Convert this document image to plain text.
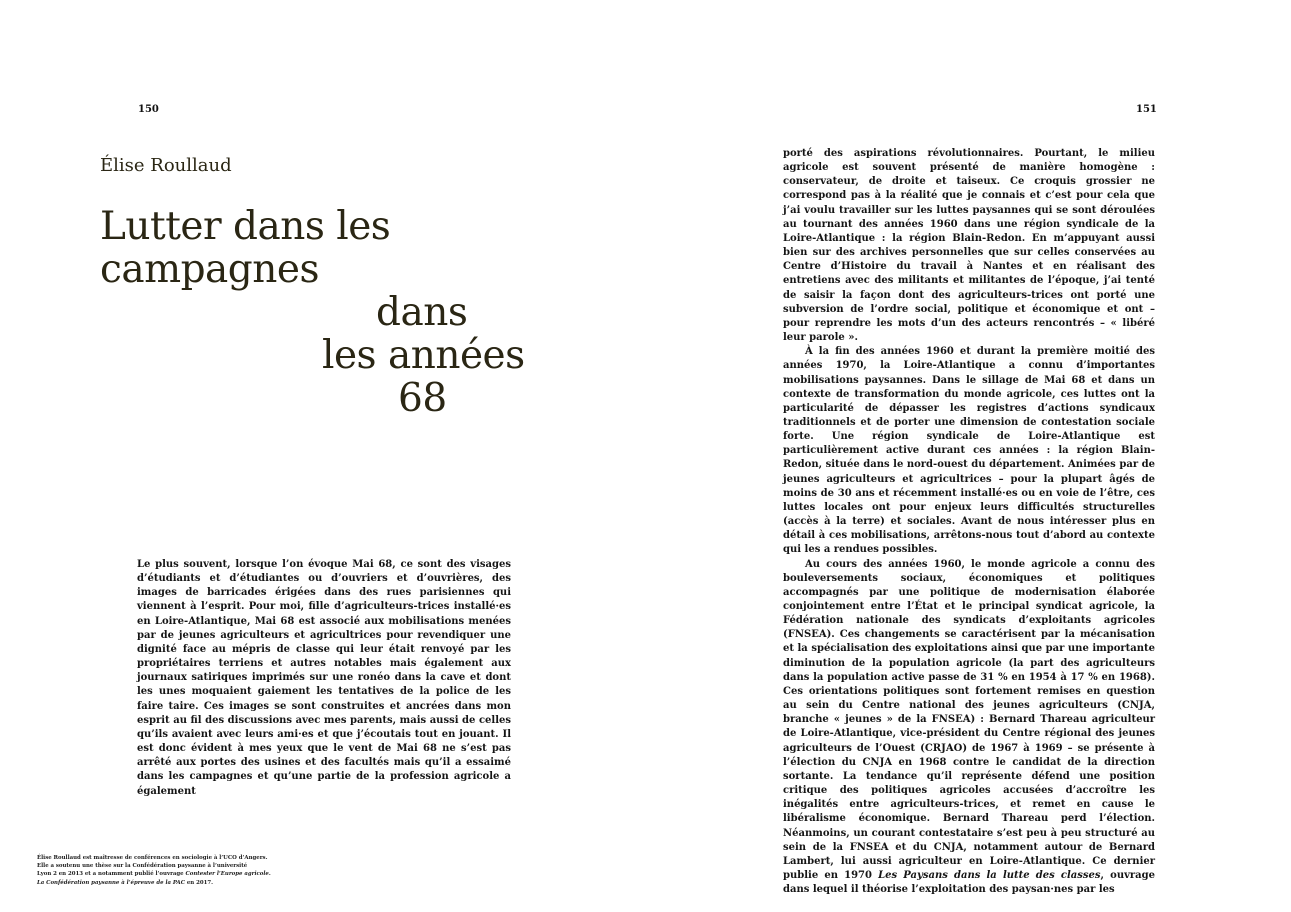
150	151
Élise Roullaud
Lutter dans les
campagnes
dans
les années
68

Le plus souvent, lorsque l’on évoque Mai 68, ce sont des visages d’étudiants et d’étudiantes ou d’ouvriers et d’ouvrières, des images de barricades érigées dans des rues parisiennes qui viennent à l’esprit. Pour moi, fille d’agriculteurs-trices installé·es en Loire-Atlantique, Mai 68 est associé aux mobilisations menées par de jeunes agriculteurs et agricultrices pour revendiquer une dignité face au mépris de classe qui leur était renvoyé par les propriétaires terriens et autres notables mais également aux journaux satiriques imprimés sur une ronéo dans la cave et dont les unes moquaient gaiement les tentatives de la police de les faire taire. Ces images se sont construites et ancrées dans mon esprit au fil des discussions avec mes parents, mais aussi de celles qu’ils avaient avec leurs ami·es et que j’écoutais tout en jouant. Il est donc évident à mes yeux que le vent de Mai 68 ne s’est pas arrêté aux portes des usines et des facultés mais qu’il a essaimé dans les campagnes et qu’une partie de la profession agricole a également

porté des aspirations révolutionnaires. Pourtant, le milieu agricole est souvent présenté de manière homogène : conservateur, de droite et taiseux. Ce croquis grossier ne correspond pas à la réalité que je connais et c’est pour cela que j’ai voulu travailler sur les luttes paysannes qui se sont déroulées au tournant des années 1960 dans une région syndicale de la Loire-Atlantique : la région Blain-Redon. En m’appuyant aussi bien sur des archives personnelles que sur celles conservées au Centre d’Histoire du travail à Nantes et en réalisant des entretiens avec des militants et militantes de l’époque, j’ai tenté de saisir la façon dont des agriculteurs-trices ont porté une subversion de l’ordre social, politique et économique et ont – pour reprendre les mots d’un des acteurs rencontrés – « libéré leur parole ».

À la fin des années 1960 et durant la première moitié des années 1970, la Loire-Atlantique a connu d’importantes mobilisations paysannes. Dans le sillage de Mai 68 et dans un contexte de transformation du monde agricole, ces luttes ont la particularité de dépasser les registres d’actions syndicaux traditionnels et de porter une dimension de contestation sociale forte. Une région syndicale de Loire-Atlantique est particulièrement active durant ces années : la région Blain-Redon, située dans le nord-ouest du département. Animées par de jeunes agriculteurs et agricultrices – pour la plupart âgés de moins de 30 ans et récemment installé·es ou en voie de l’être, ces luttes locales ont pour enjeux leurs difficultés structurelles (accès à la terre) et sociales. Avant de nous intéresser plus en détail à ces mobilisations, arrêtons-nous tout d’abord au contexte qui les a rendues possibles.

Au cours des années 1960, le monde agricole a connu des bouleversements sociaux, économiques et politiques accompagnés par une politique de modernisation élaborée conjointement entre l’État et le principal syndicat agricole, la Fédération nationale des syndicats d’exploitants agricoles (FNSEA). Ces changements se caractérisent par la mécanisation et la spécialisation des exploitations ainsi que par une importante diminution de la population agricole (la part des agriculteurs dans la population active passe de 31 % en 1954 à 17 % en 1968). Ces orientations politiques sont fortement remises en question au sein du Centre national des jeunes agriculteurs (CNJA, branche « jeunes » de la FNSEA) : Bernard Thareau agriculteur de Loire-Atlantique, vice-président du Centre régional des jeunes agriculteurs de l’Ouest (CRJAO) de 1967 à 1969 – se présente à l’élection du CNJA en 1968 contre le candidat de la direction sortante. La tendance qu’il représente défend une position critique des politiques agricoles accusées d’accroître les inégalités entre agriculteurs-trices, et remet en cause le libéralisme économique. Bernard Thareau perd l’élection. Néanmoins, un courant contestataire s’est peu à peu structuré au sein de la FNSEA et du CNJA, notamment autour de Bernard Lambert, lui aussi agriculteur en Loire-Atlantique. Ce dernier publie en 1970 Les Paysans dans la lutte des classes, ouvrage dans lequel il théorise l’exploitation des paysan·nes par les

Élise Roullaud est maîtresse de conférences en sociologie à l’UCO d’Angers.
Elle a soutenu une thèse sur la Confédération paysanne à l’université
Lyon 2 en 2013 et a notamment publié l’ouvrage Contester l’Europe agricole.
La Confédération paysanne à l’épreuve de la PAC en 2017.
